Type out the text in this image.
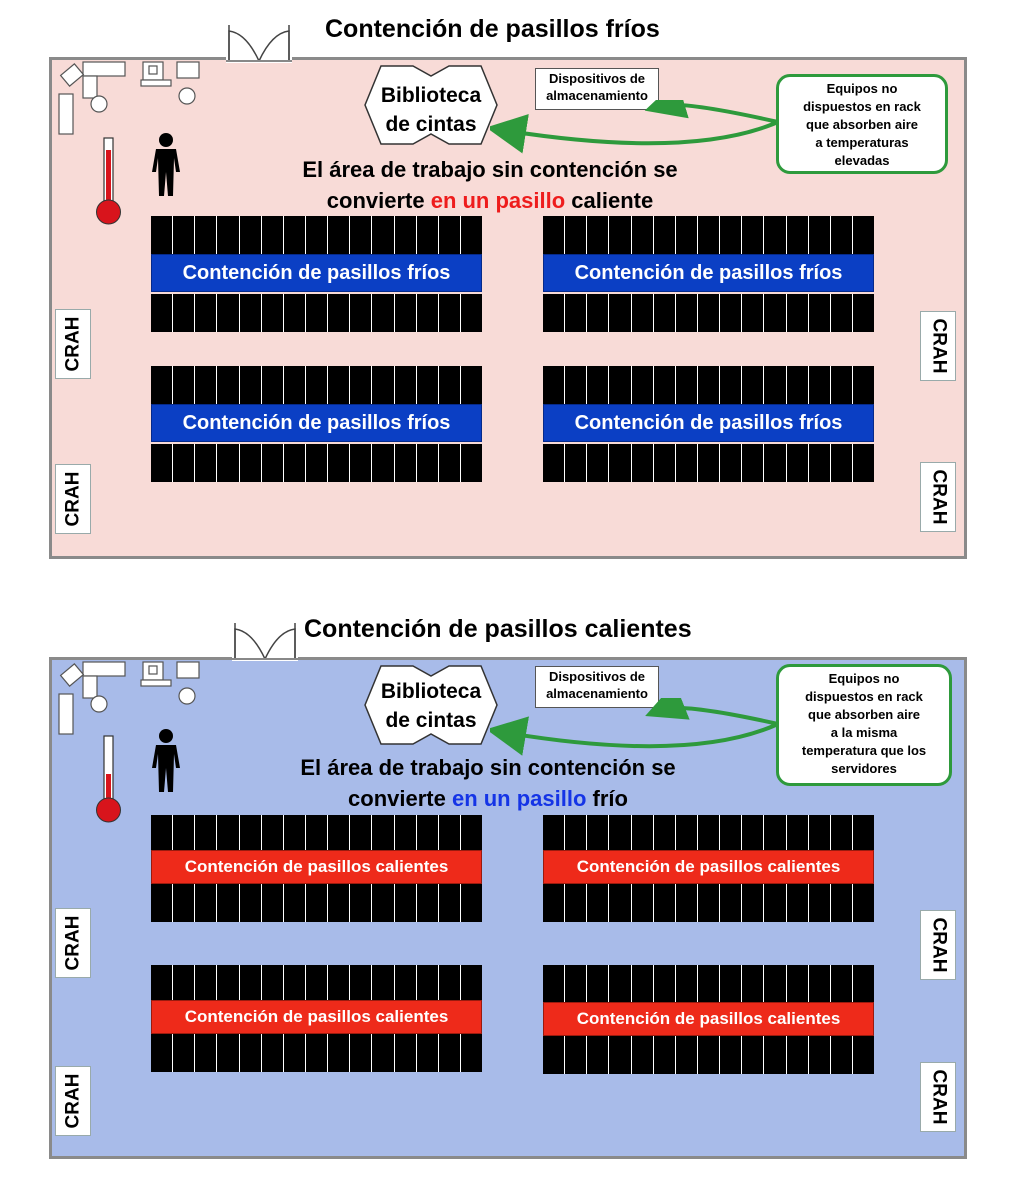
Contención de pasillos fríos
Biblioteca
de cintas
Dispositivos de
almacenamiento	Equipos no
dispuestos en rack
que absorben aire
a temperaturas
elevadas
El área de trabajo sin contención se
convierte en un pasillo caliente
Contención de pasillos fríos	Contención de pasillos fríos
Contención de pasillos fríos	Contención de pasillos fríos
CRAH
CRAH
CRAH
CRAH
Contención de pasillos calientes
Biblioteca
de cintas
Dispositivos de
almacenamiento
Equipos no
dispuestos en rack
que absorben aire
a la misma
temperatura que los
servidores
El área de trabajo sin contención se
convierte en un pasillo frío
Contención de pasillos calientes	Contención de pasillos calientes
Contención de pasillos calientes	Contención de pasillos calientes
CRAH
CRAH
CRAH
CRAH
